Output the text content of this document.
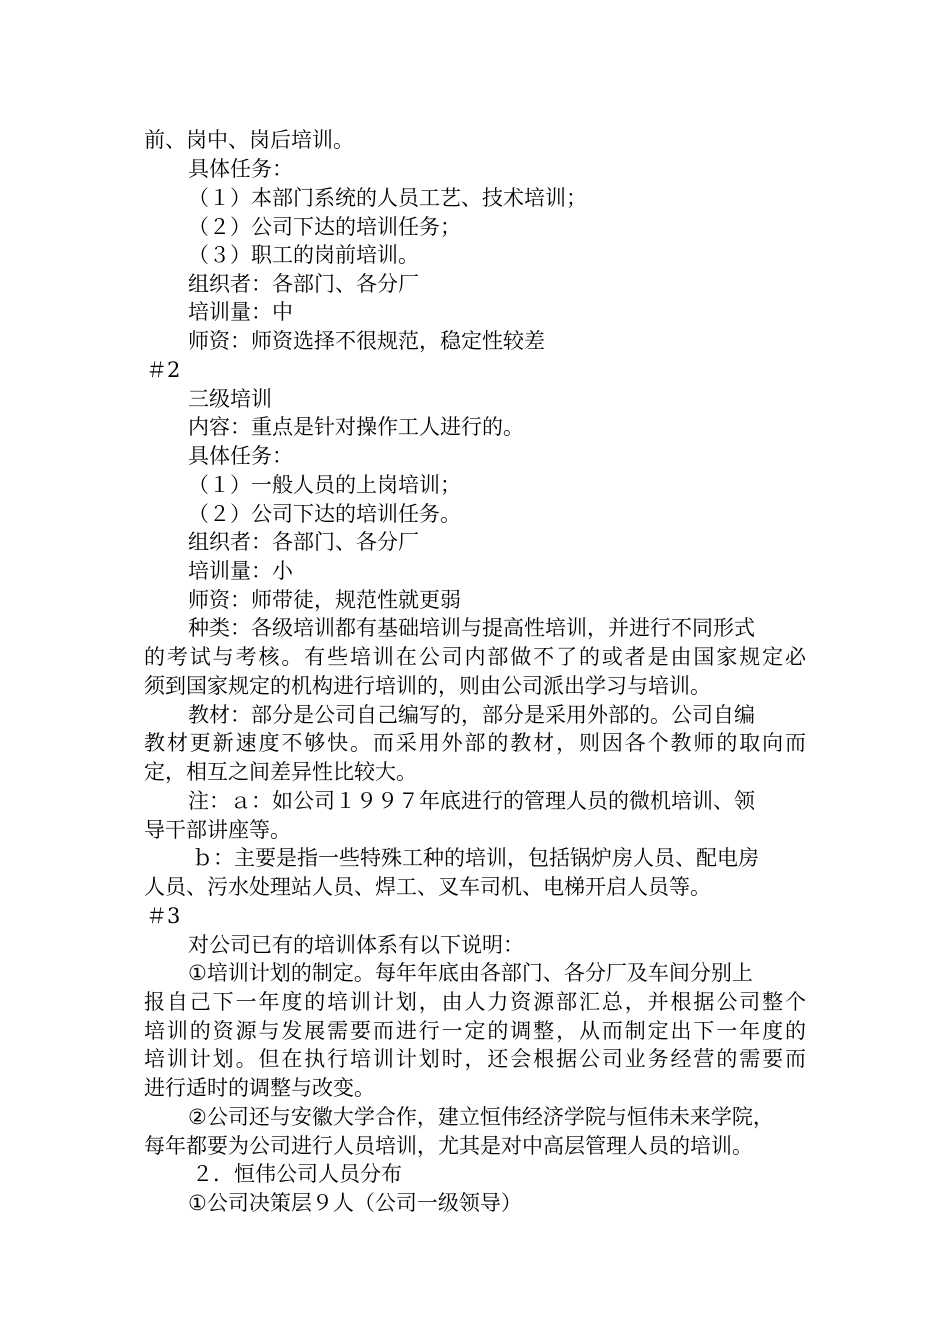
前、岗中、岗后培训。
具体任务：
（１）本部门系统的人员工艺、技术培训；
（２）公司下达的培训任务；
（３）职工的岗前培训。
组织者：各部门、各分厂
培训量：中
师资：师资选择不很规范，稳定性较差
＃2
三级培训
内容：重点是针对操作工人进行的。
具体任务：
（１）一般人员的上岗培训；
（２）公司下达的培训任务。
组织者：各部门、各分厂
培训量：小
师资：师带徒，规范性就更弱
种类：各级培训都有基础培训与提高性培训，并进行不同形式
的考试与考核。有些培训在公司内部做不了的或者是由国家规定必
须到国家规定的机构进行培训的，则由公司派出学习与培训。
教材：部分是公司自己编写的，部分是采用外部的。公司自编
教材更新速度不够快。而采用外部的教材，则因各个教师的取向而
定，相互之间差异性比较大。
注：ａ：如公司１９９７年底进行的管理人员的微机培训、领
导干部讲座等。
ｂ：主要是指一些特殊工种的培训，包括锅炉房人员、配电房
人员、污水处理站人员、焊工、叉车司机、电梯开启人员等。
＃3
对公司已有的培训体系有以下说明：
①培训计划的制定。每年年底由各部门、各分厂及车间分别上
报自己下一年度的培训计划，由人力资源部汇总，并根据公司整个
培训的资源与发展需要而进行一定的调整，从而制定出下一年度的
培训计划。但在执行培训计划时，还会根据公司业务经营的需要而
进行适时的调整与改变。
②公司还与安徽大学合作，建立恒伟经济学院与恒伟未来学院，
每年都要为公司进行人员培训，尤其是对中高层管理人员的培训。
２．恒伟公司人员分布
①公司决策层９人（公司一级领导）
